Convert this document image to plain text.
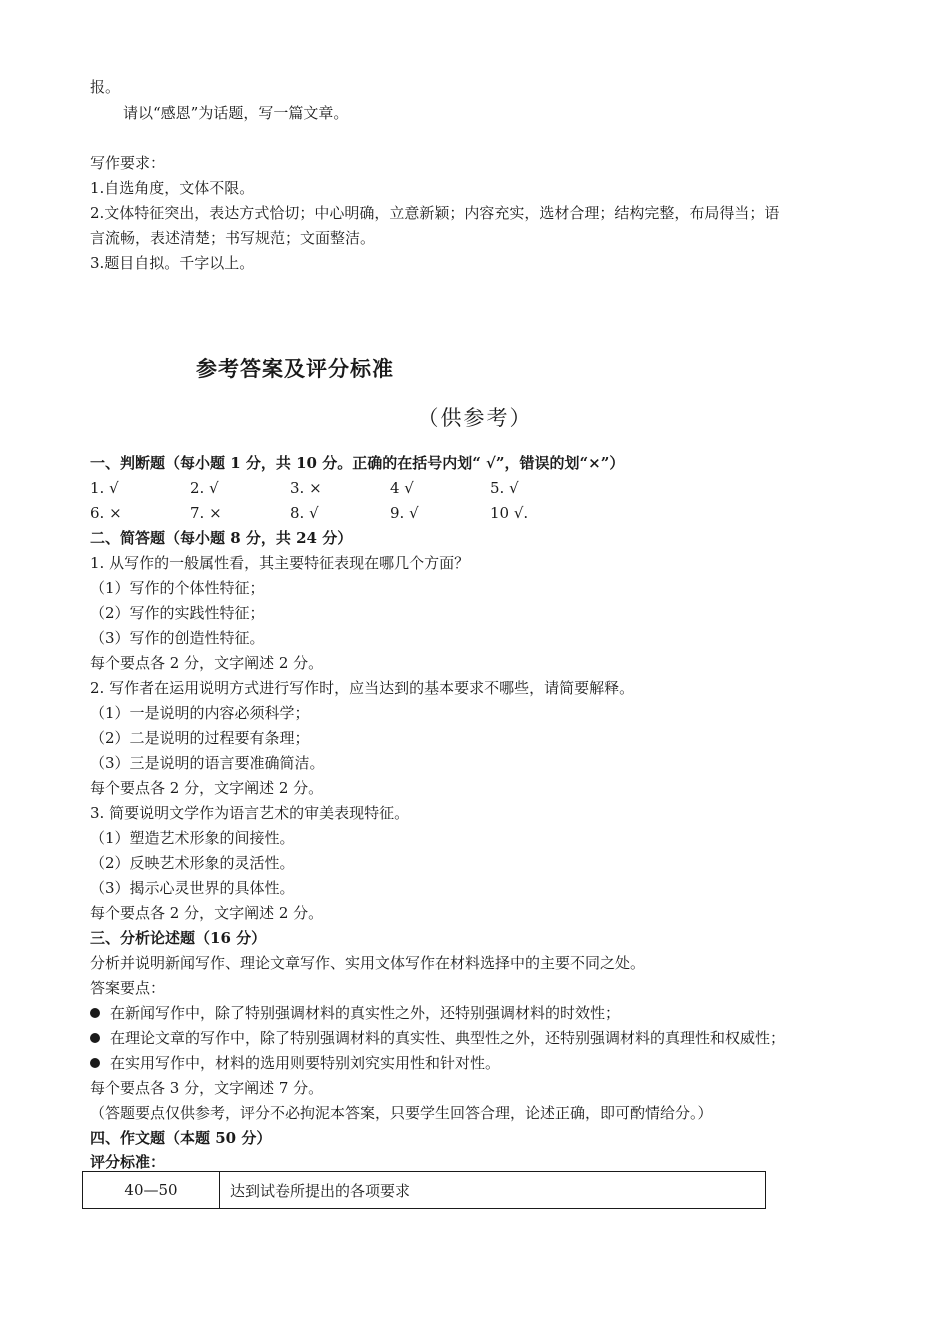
报。
请以“感恩”为话题，写一篇文章。
写作要求：
1.自选角度，文体不限。
2.文体特征突出，表达方式恰切；中心明确，立意新颖；内容充实，选材合理；结构完整，布局得当；语
言流畅，表述清楚；书写规范；文面整洁。
3.题目自拟。千字以上。
参考答案及评分标准
（供参考）
一、判断题（每小题 1 分，共 10 分。正确的在括号内划“ √”，错误的划“×”）
1. √	2. √	3. ×	4 √	5. √
6. ×	7. ×	8. √	9. √	10 √.
二、简答题（每小题 8 分，共 24 分）
1. 从写作的一般属性看，其主要特征表现在哪几个方面？
（1）写作的个体性特征；
（2）写作的实践性特征；
（3）写作的创造性特征。
每个要点各 2 分，文字阐述 2 分。
2. 写作者在运用说明方式进行写作时，应当达到的基本要求不哪些，请简要解释。
（1）一是说明的内容必须科学；
（2）二是说明的过程要有条理；
（3）三是说明的语言要准确简洁。
每个要点各 2 分，文字阐述 2 分。
3. 简要说明文学作为语言艺术的审美表现特征。
（1）塑造艺术形象的间接性。
（2）反映艺术形象的灵活性。
（3）揭示心灵世界的具体性。
每个要点各 2 分，文字阐述 2 分。
三、分析论述题（16 分）
分析并说明新闻写作、理论文章写作、实用文体写作在材料选择中的主要不同之处。
答案要点：
在新闻写作中，除了特别强调材料的真实性之外，还特别强调材料的时效性；
在理论文章的写作中，除了特别强调材料的真实性、典型性之外，还特别强调材料的真理性和权威性；
在实用写作中，材料的选用则要特别刘究实用性和针对性。
每个要点各 3 分，文字阐述 7 分。
（答题要点仅供参考，评分不必拘泥本答案，只要学生回答合理，论述正确，即可酌情给分。）
四、作文题（本题 50 分）
评分标准：
40—50	达到试卷所提出的各项要求
